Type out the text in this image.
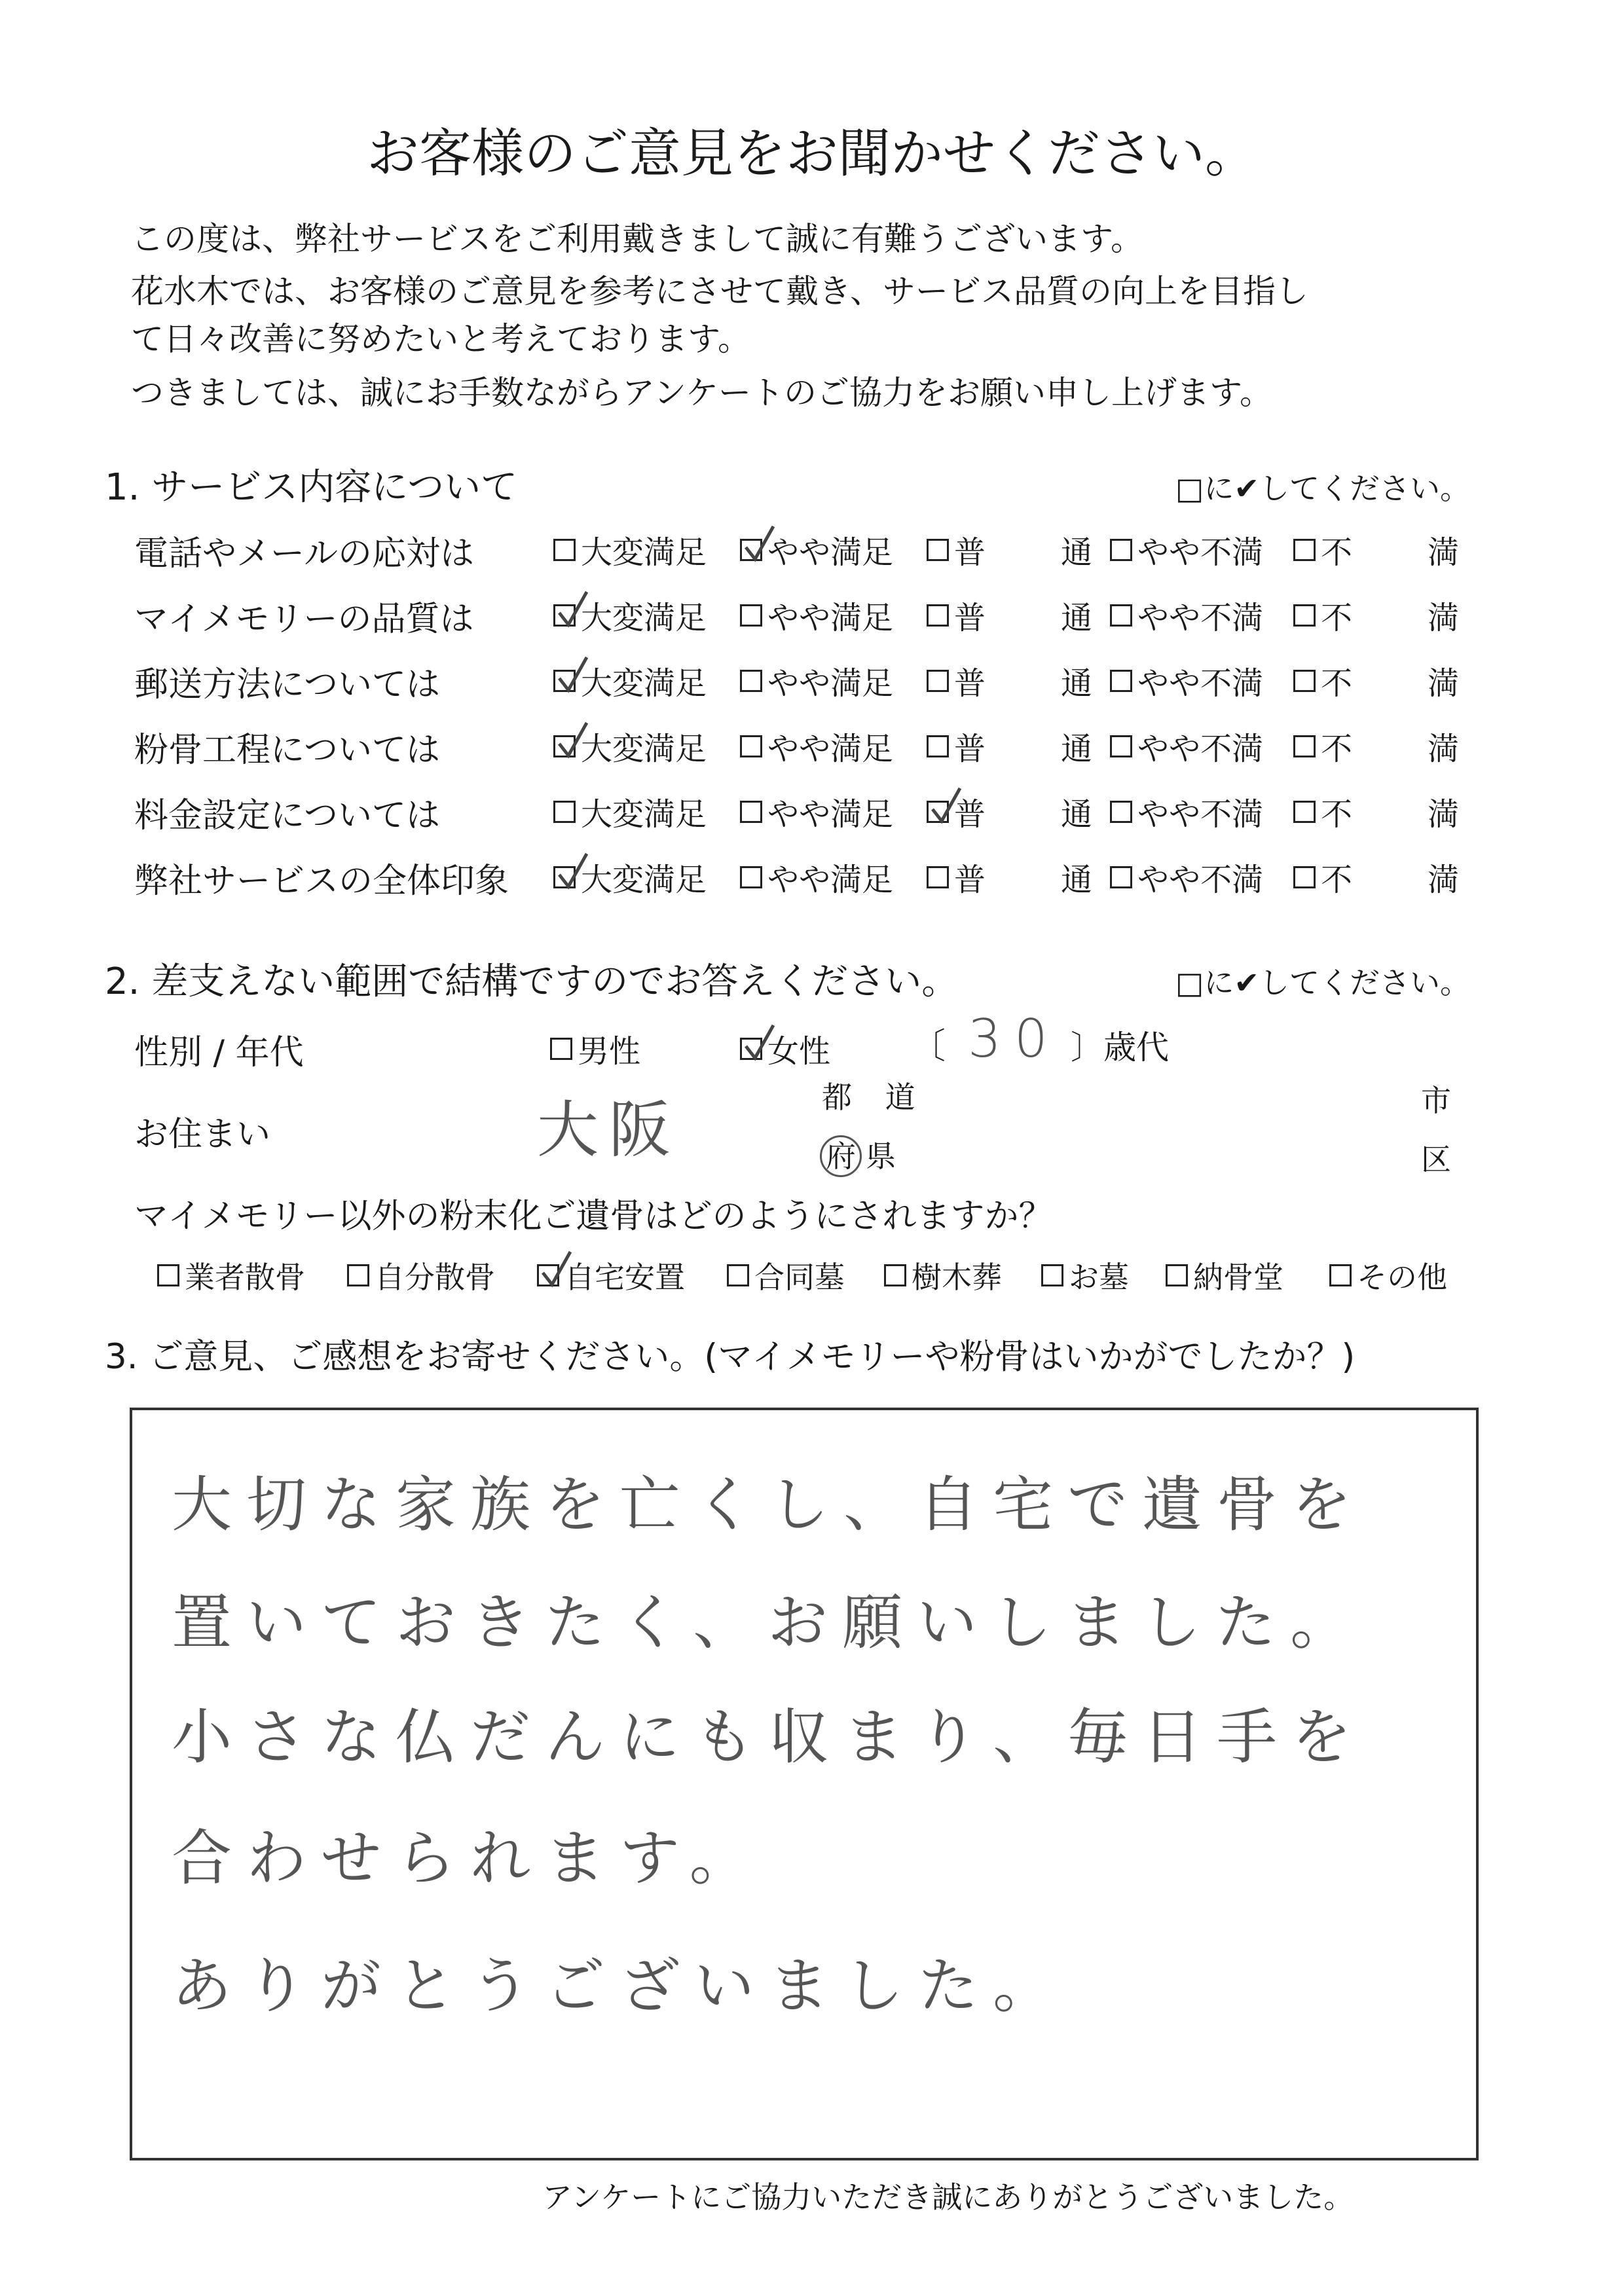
お客様のご意見をお聞かせください。
この度は、弊社サービスをご利用戴きまして誠に有難うございます。
花水木では、お客様のご意見を参考にさせて戴き、サービス品質の向上を目指し
て日々改善に努めたいと考えております。
つきましては、誠にお手数ながらアンケートのご協力をお願い申し上げます。
1. サービス内容について	□に✔してください。
電話やメールの応対は	大変満足 やや満足 普 通 やや不満 不 満
マイメモリーの品質は	大変満足 やや満足 普 通 やや不満 不 満
郵送方法については	大変満足 やや満足 普 通 やや不満 不 満
粉骨工程については	大変満足 やや満足 普 通 やや不満 不 満
料金設定については	大変満足 やや満足 普 通 やや不満 不 満
弊社サービスの全体印象 大変満足 やや満足 普 通 やや不満 不 満
2. 差支えない範囲で結構ですのでお答えください。	□に✔してください。
性別 / 年代	男性	女性 〔 30 〕歳代
お住まい	大阪	都 道
府 県
市
区
マイメモリー以外の粉末化ご遺骨はどのようにされますか？
業者散骨 自分散骨 自宅安置 合同墓 樹木葬 お墓 納骨堂 その他
3. ご意見、ご感想をお寄せください。(マイメモリーや粉骨はいかがでしたか？)
大切な家族を亡くし、自宅で遺骨を
置いておきたく、お願いしました。
小さな仏だんにも収まり、毎日手を
合わせられます。
ありがとうございました。
アンケートにご協力いただき誠にありがとうございました。
